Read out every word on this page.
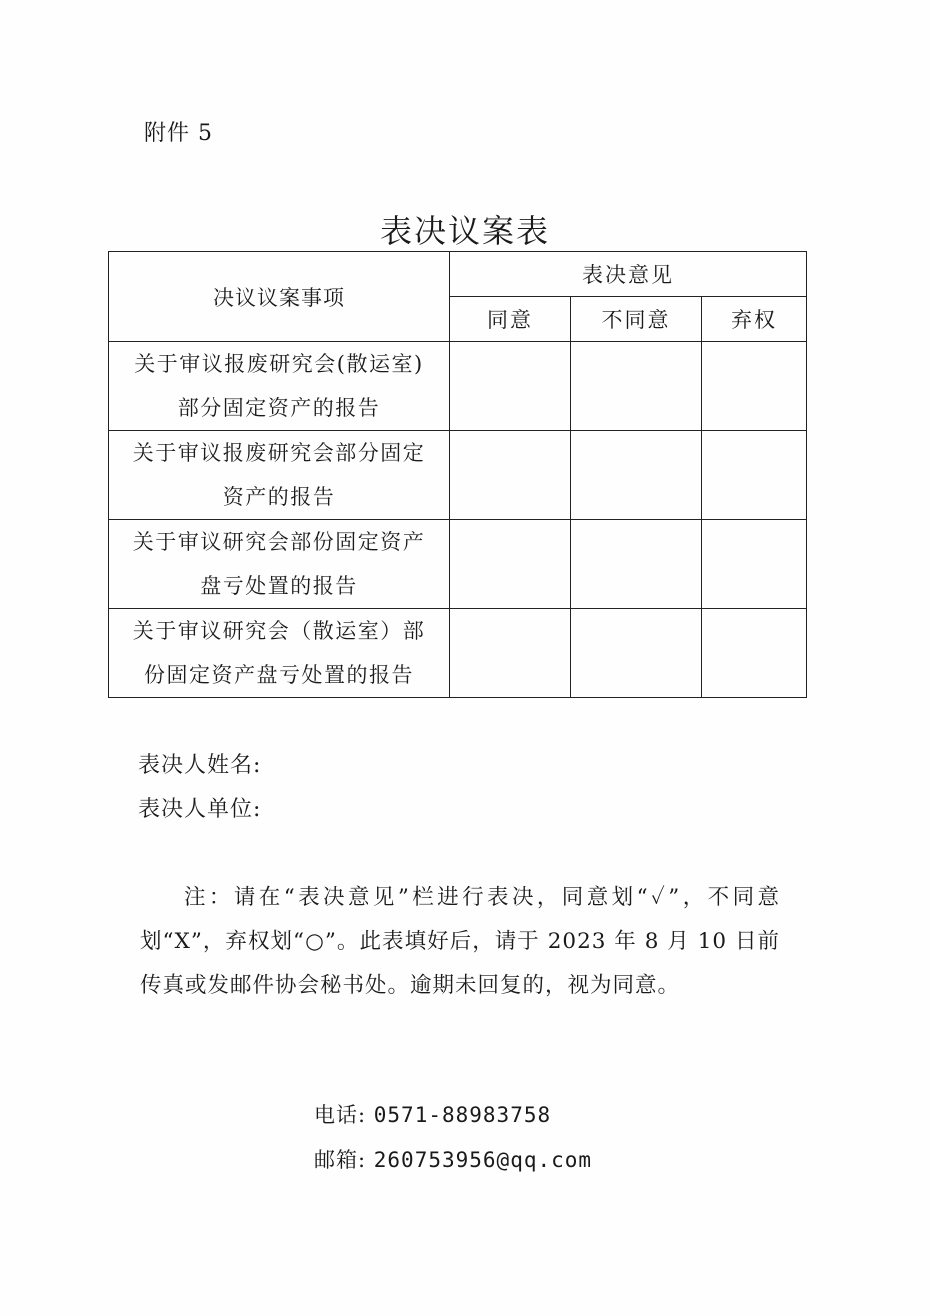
附件 5
表决议案表
决议议案事项	表决意见		
	同意	不同意	弃权

关于审议报废研究会(散运室)
部分固定资产的报告			

关于审议报废研究会部分固定
资产的报告			

关于审议研究会部份固定资产
盘亏处置的报告			

关于审议研究会（散运室）部
份固定资产盘亏处置的报告			

表决人姓名:
表决人单位:
注：请在“表决意见”栏进行表决，同意划“✓”，不同意划“X”，弃权划“○”。此表填好后，请于 2023 年 8 月 10 日前传真或发邮件协会秘书处。逾期未回复的，视为同意。
电话: 0571-88983758
邮箱: 260753956@qq.com
